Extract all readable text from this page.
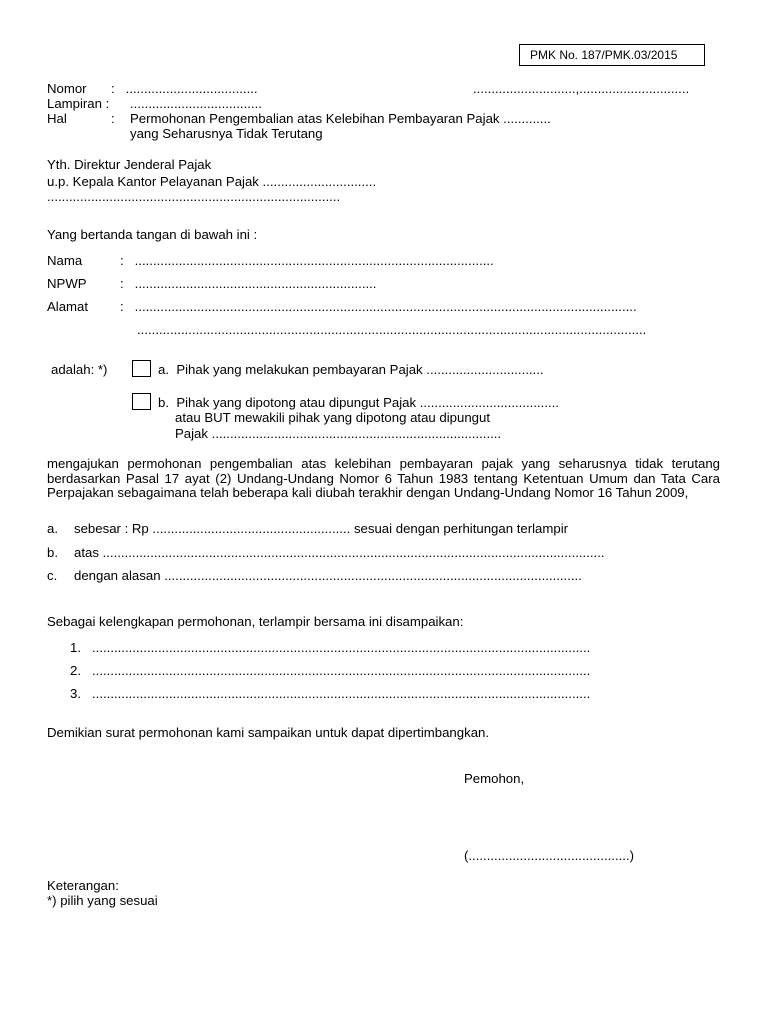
PMK No. 187/PMK.03/2015
Nomor :   ....................................	............................,..............................
Lampiran : ....................................
Hal	: Permohonan Pengembalian atas Kelebihan Pembayaran Pajak .............
yang Seharusnya Tidak Terutang
Yth. Direktur Jenderal Pajak
u.p. Kepala Kantor Pelayanan Pajak ...............................
................................................................................
Yang bertanda tangan di bawah ini :
Nama	:   ..................................................................................................
NPWP	:   ..................................................................
Alamat :   .........................................................................................................................................
...........................................................................................................................................
adalah: *)	a.  Pihak yang melakukan pembayaran Pajak ................................
b.  Pihak yang dipotong atau dipungut Pajak ......................................
atau BUT mewakili pihak yang dipotong atau dipungut
Pajak ...............................................................................
mengajukan permohonan pengembalian atas kelebihan pembayaran pajak yang seharusnya tidak terutang berdasarkan Pasal 17 ayat (2) Undang-Undang Nomor 6 Tahun 1983 tentang Ketentuan Umum dan Tata Cara Perpajakan sebagaimana telah beberapa kali diubah terakhir dengan Undang-Undang Nomor 16 Tahun 2009,
a. sebesar : Rp ...................................................... sesuai dengan perhitungan terlampir
b. atas .........................................................................................................................................
c. dengan alasan ..................................................................................................................
Sebagai kelengkapan permohonan, terlampir bersama ini disampaikan:
1. ........................................................................................................................................
2. ........................................................................................................................................
3. ........................................................................................................................................
Demikian surat permohonan kami sampaikan untuk dapat dipertimbangkan.
Pemohon,
(............................................)
Keterangan:
*) pilih yang sesuai
